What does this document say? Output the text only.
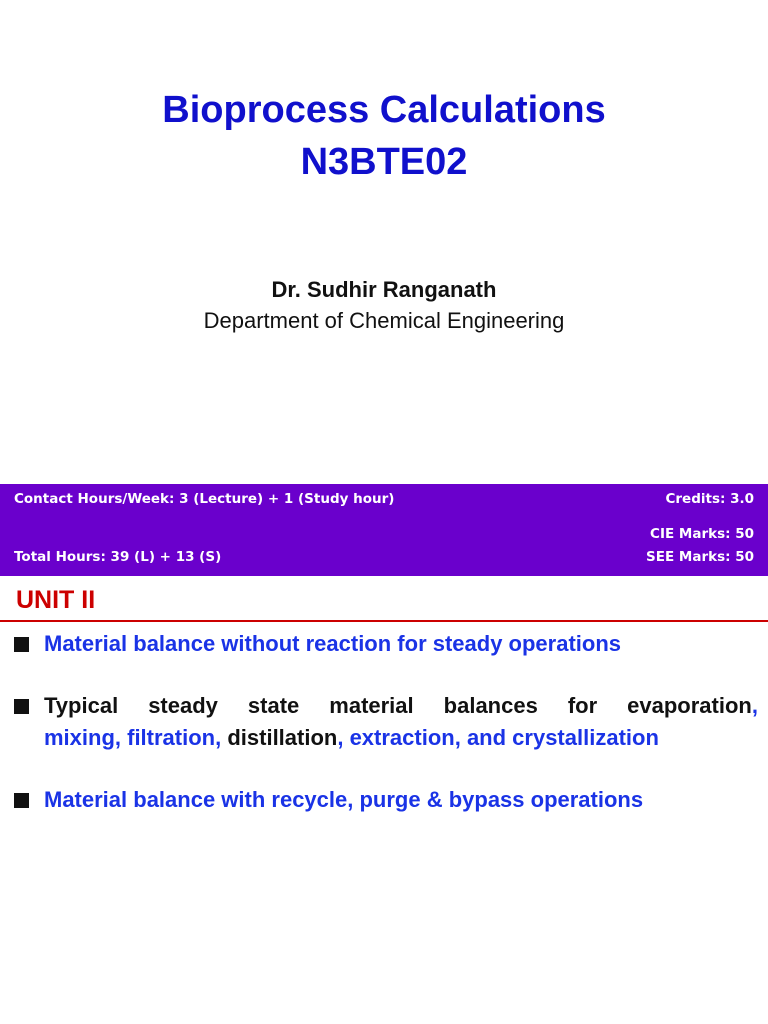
Bioprocess Calculations
N3BTE02
Dr. Sudhir Ranganath
Department of Chemical Engineering
Contact Hours/Week: 3 (Lecture) + 1 (Study hour)
Total Hours: 39 (L) + 13 (S)
Credits: 3.0
CIE Marks: 50
SEE Marks: 50
UNIT II
Material balance without reaction for steady operations
Typical steady state material balances for evaporation,
mixing, filtration, distillation, extraction, and crystallization
Material balance with recycle, purge & bypass operations
